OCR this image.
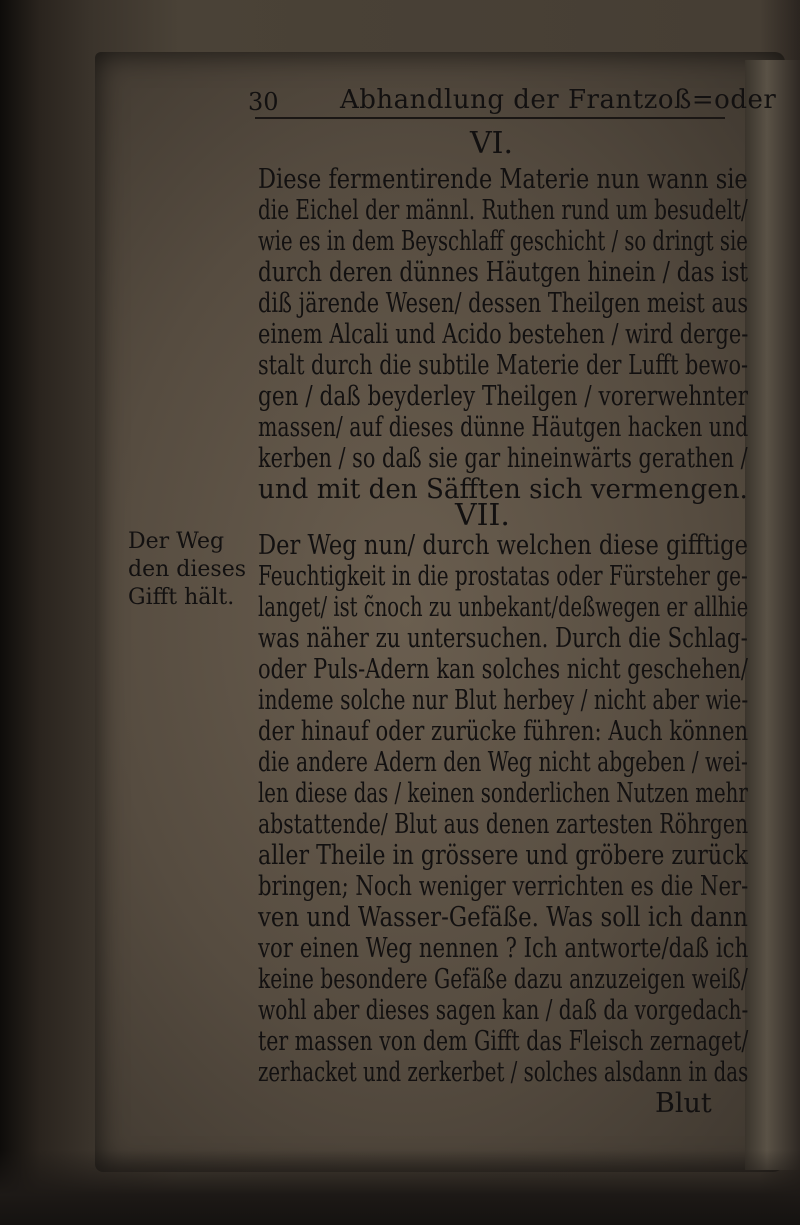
30 Abhandlung der Frantzoß=oder
VI.
Diese fermentirende Materie nun wann sie
die Eichel der männl. Ruthen rund um besudelt/
wie es in dem Beyschlaff geschicht / so dringt sie
durch deren dünnes Häutgen hinein / das ist
diß järende Wesen/ dessen Theilgen meist aus
einem Alcali und Acido bestehen / wird derge-
stalt durch die subtile Materie der Lufft bewo-
gen / daß beyderley Theilgen / vorerwehnter
massen/ auf dieses dünne Häutgen hacken und
kerben / so daß sie gar hineinwärts gerathen /
und mit den Säfften sich vermengen.
VII.
Der Weg
den dieses
Gifft hält.
Der Weg nun/ durch welchen diese gifftige
Feuchtigkeit in die prostatas oder Fürsteher ge-
langet/ ist c̃noch zu unbekant/deßwegen er allhie
was näher zu untersuchen. Durch die Schlag-
oder Puls-Adern kan solches nicht geschehen/
indeme solche nur Blut herbey / nicht aber wie-
der hinauf oder zurücke führen: Auch können
die andere Adern den Weg nicht abgeben / wei-
len diese das / keinen sonderlichen Nutzen mehr
abstattende/ Blut aus denen zartesten Röhrgen
aller Theile in grössere und gröbere zurück
bringen; Noch weniger verrichten es die Ner-
ven und Wasser-Gefäße. Was soll ich dann
vor einen Weg nennen ? Ich antworte/daß ich
keine besondere Gefäße dazu anzuzeigen weiß/
wohl aber dieses sagen kan / daß da vorgedach-
ter massen von dem Gifft das Fleisch zernaget/
zerhacket und zerkerbet / solches alsdann in das
Blut
